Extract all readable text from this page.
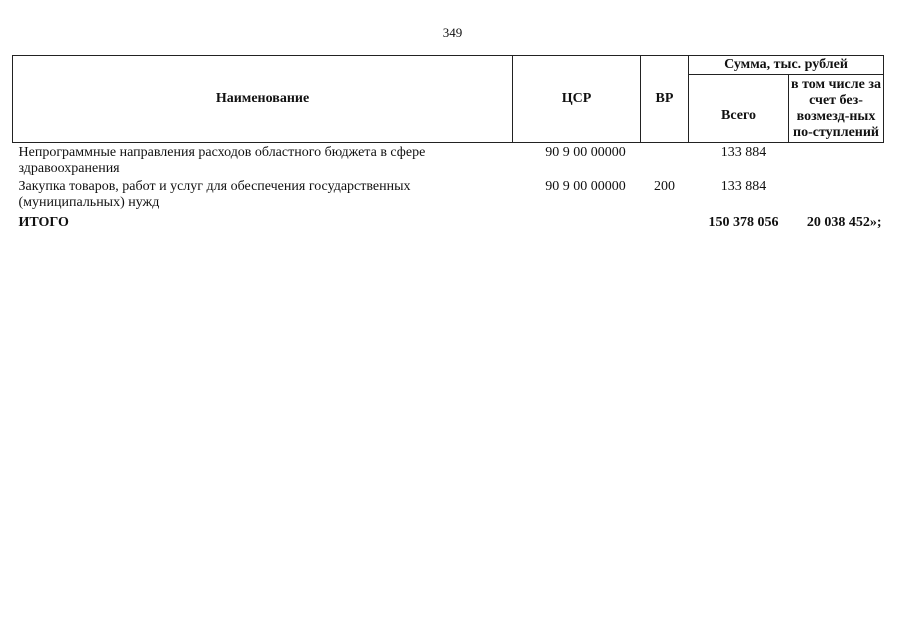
349
Наименование	ЦСР	ВР	Сумма, тыс. рублей	
			Всего	в том числе за счет без-возмезд-ных по-ступлений
Непрограммные направления расходов областного бюджета в сфере здравоохранения	90 9 00 00000		133 884	
Закупка товаров, работ и услуг для обеспечения государственных (муниципальных) нужд	90 9 00 00000	200	133 884	
ИТОГО			150 378 056	20 038 452»;
